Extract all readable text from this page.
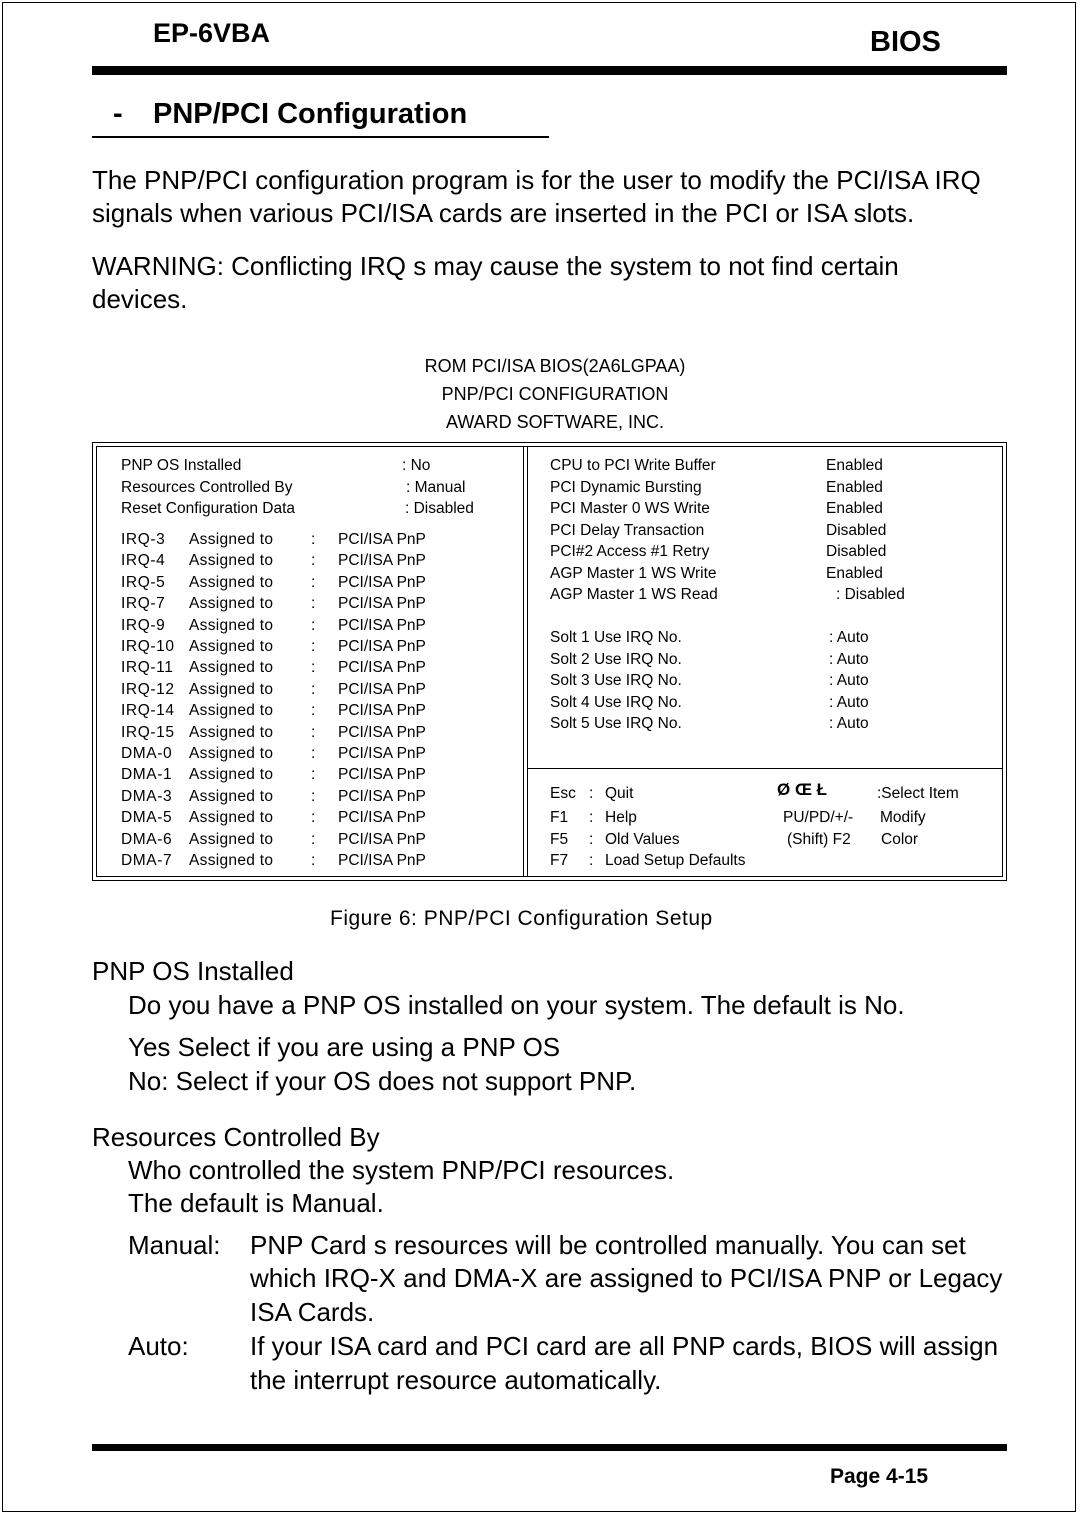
EP-6VBA	BIOS
- PNP/PCI Configuration
The PNP/PCI configuration program is for the user to modify the PCI/ISA IRQ
signals when various PCI/ISA cards are inserted in the PCI or ISA slots.
WARNING: Conflicting IRQ s may cause the system to not find certain
devices.
ROM PCI/ISA BIOS(2A6LGPAA)
PNP/PCI CONFIGURATION
AWARD SOFTWARE, INC.
PNP OS Installed	: No
Resources Controlled By	: Manual
Reset Configuration Data	: Disabled
IRQ-3 Assigned to : PCI/ISA PnP
IRQ-4 Assigned to : PCI/ISA PnP
IRQ-5 Assigned to : PCI/ISA PnP
IRQ-7 Assigned to : PCI/ISA PnP
IRQ-9 Assigned to : PCI/ISA PnP
IRQ-10 Assigned to : PCI/ISA PnP
IRQ-11 Assigned to : PCI/ISA PnP
IRQ-12 Assigned to : PCI/ISA PnP
IRQ-14 Assigned to : PCI/ISA PnP
IRQ-15 Assigned to : PCI/ISA PnP
DMA-0 Assigned to : PCI/ISA PnP
DMA-1 Assigned to : PCI/ISA PnP
DMA-3 Assigned to : PCI/ISA PnP
DMA-5 Assigned to : PCI/ISA PnP
DMA-6 Assigned to : PCI/ISA PnP
DMA-7 Assigned to : PCI/ISA PnP
CPU to PCI Write Buffer	Enabled
PCI Dynamic Bursting	Enabled
PCI Master 0 WS Write	Enabled
PCI Delay Transaction	Disabled
PCI#2 Access #1 Retry	Disabled
AGP Master 1 WS Write	Enabled
AGP Master 1 WS Read	: Disabled
Solt 1 Use IRQ No.	: Auto
Solt 2 Use IRQ No.	: Auto
Solt 3 Use IRQ No.	: Auto
Solt 4 Use IRQ No.	: Auto
Solt 5 Use IRQ No.	: Auto
Esc : Quit	Ø Œ Ł	:Select Item
F1 : Help	PU/PD/+/- Modify
F5 : Old Values	(Shift) F2 Color
F7 : Load Setup Defaults
Figure 6: PNP/PCI Configuration Setup
PNP OS Installed
Do you have a PNP OS installed on your system. The default is No.
Yes Select if you are using a PNP OS
No: Select if your OS does not support PNP.
Resources Controlled By
Who controlled the system PNP/PCI resources.
The default is Manual.
Manual: PNP Card s resources will be controlled manually. You can set
which IRQ-X and DMA-X are assigned to PCI/ISA PNP or Legacy
ISA Cards.
Auto: If your ISA card and PCI card are all PNP cards, BIOS will assign
the interrupt resource automatically.
Page 4-15
